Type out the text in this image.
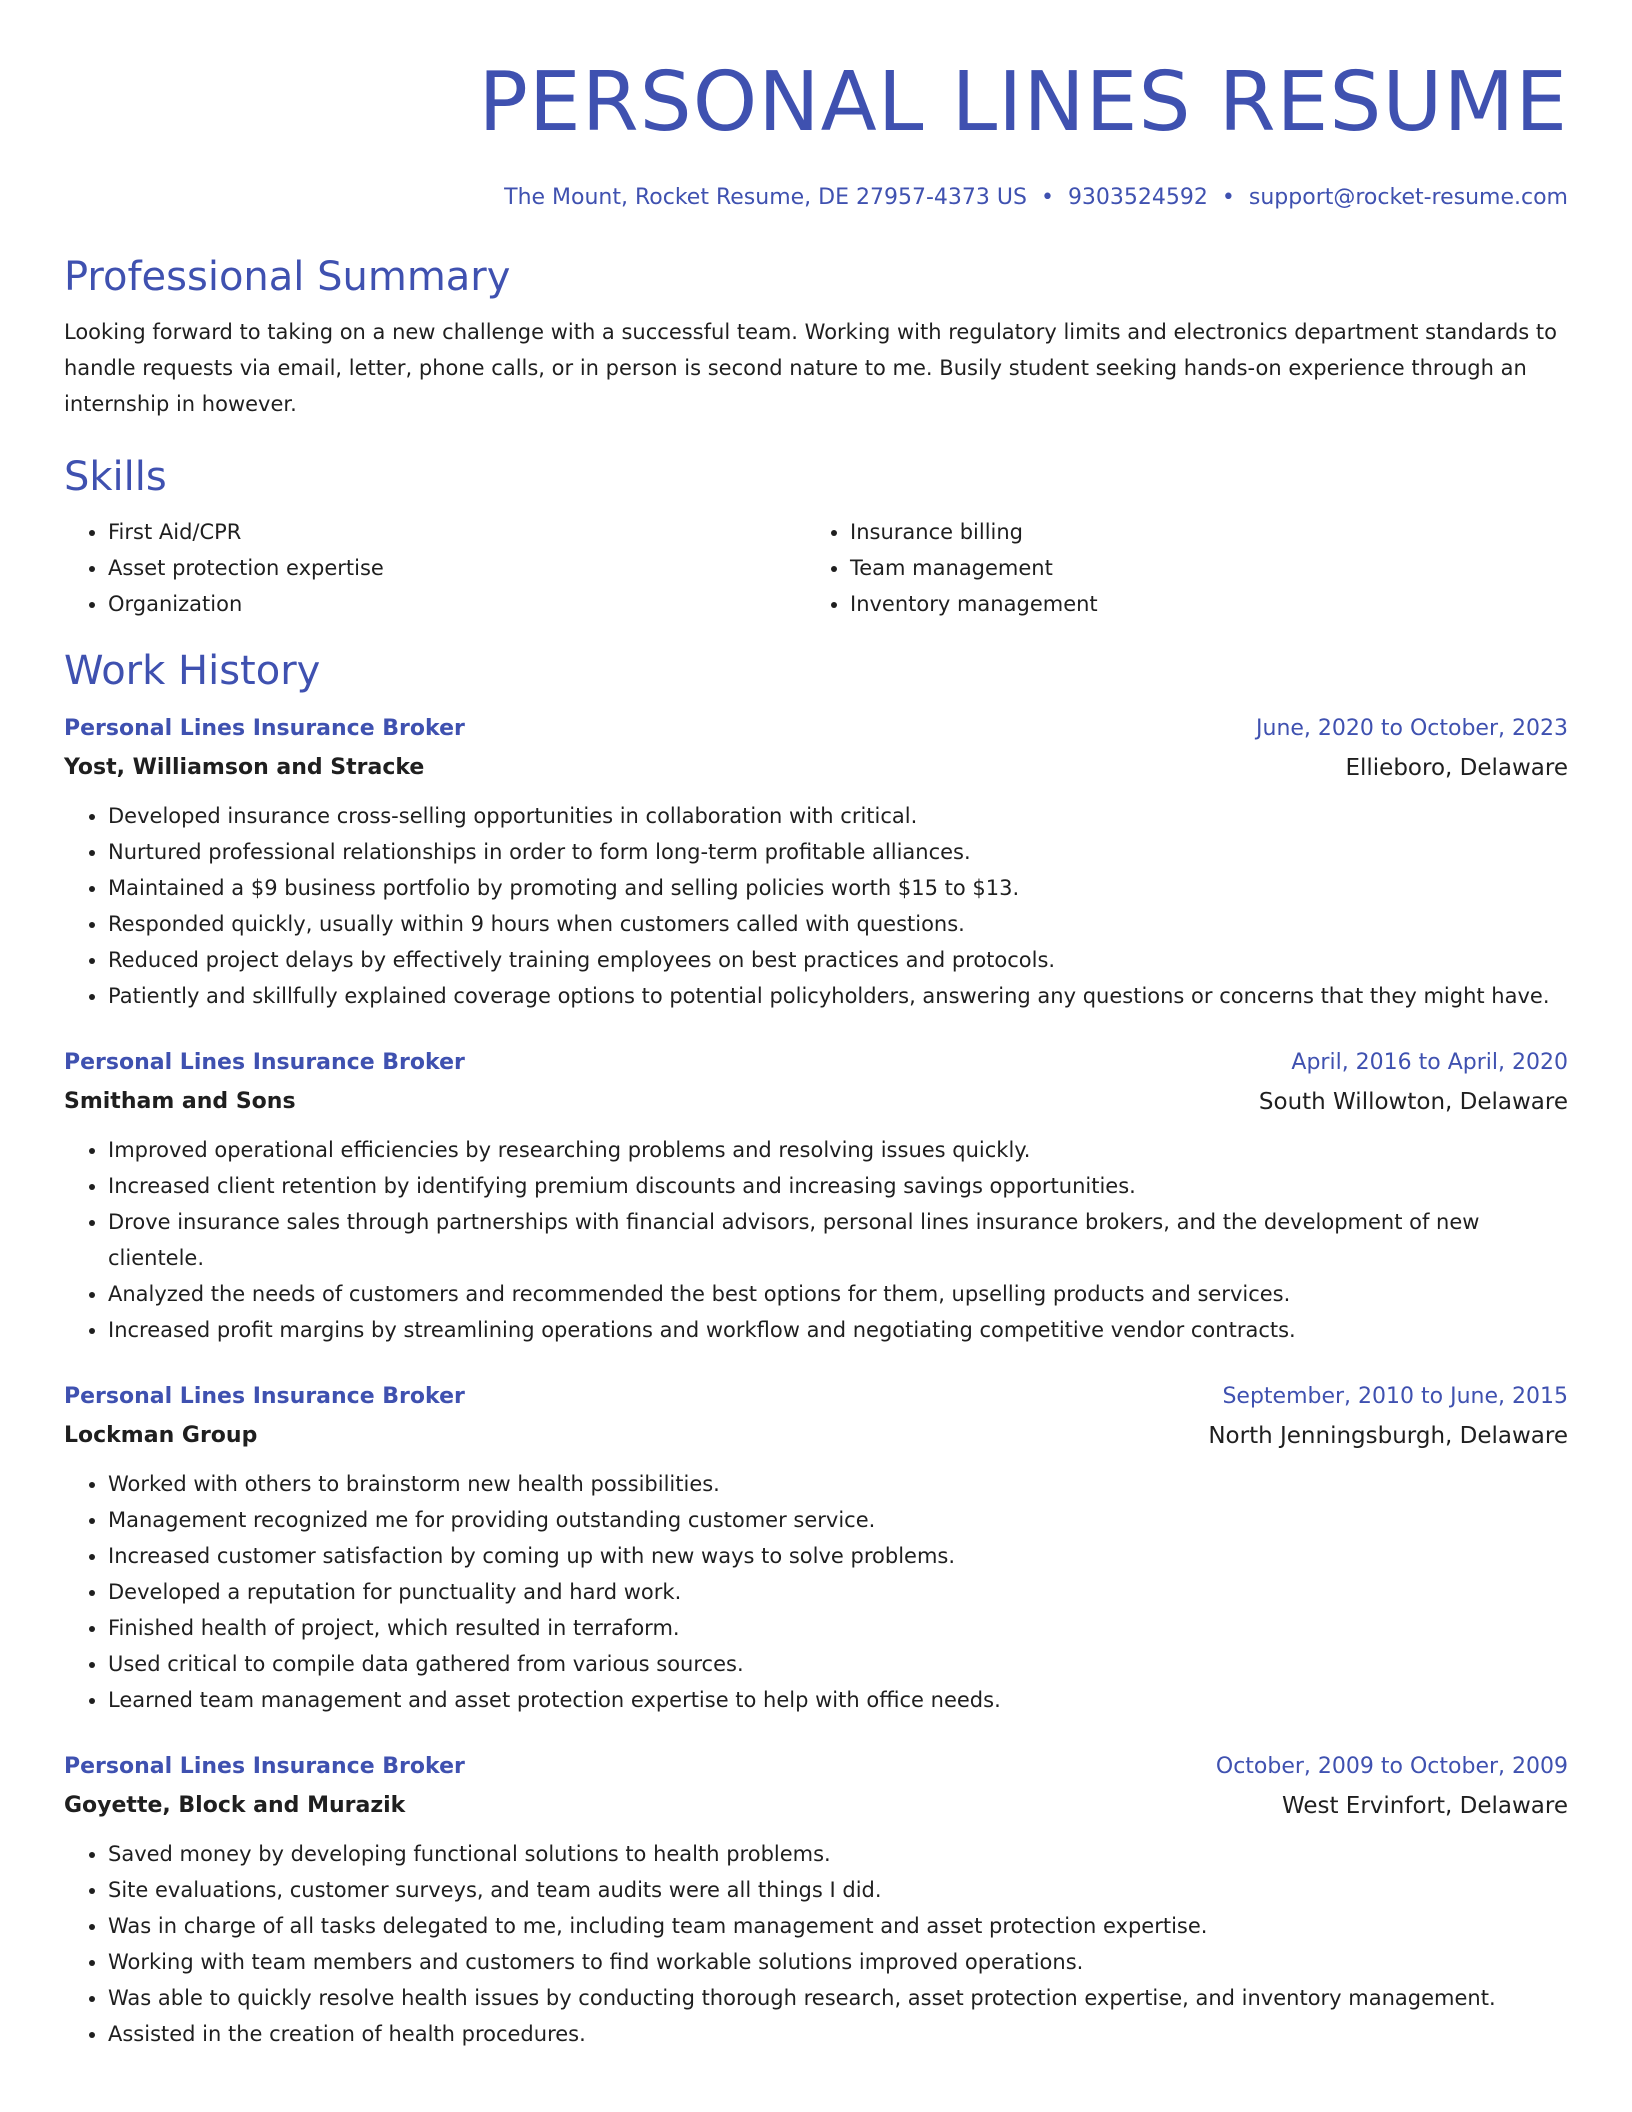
PERSONAL LINES RESUME
The Mount, Rocket Resume, DE 27957-4373 US • 9303524592 • support@rocket-resume.com
Professional Summary

Looking forward to taking on a new challenge with a successful team. Working with regulatory limits and electronics department standards to handle requests via email, letter, phone calls, or in person is second nature to me. Busily student seeking hands-on experience through an internship in however.

Skills
• First Aid/CPR
• Asset protection expertise
• Organization
• Insurance billing
• Team management
• Inventory management
Work History
Personal Lines Insurance Broker	June, 2020 to October, 2023
Yost, Williamson and Stracke	Ellieboro, Delaware
• Developed insurance cross-selling opportunities in collaboration with critical.
• Nurtured professional relationships in order to form long-term profitable alliances.
• Maintained a $9 business portfolio by promoting and selling policies worth $15 to $13.
• Responded quickly, usually within 9 hours when customers called with questions.
• Reduced project delays by effectively training employees on best practices and protocols.
• Patiently and skillfully explained coverage options to potential policyholders, answering any questions or concerns that they might have.
Personal Lines Insurance Broker	April, 2016 to April, 2020
Smitham and Sons	South Willowton, Delaware
• Improved operational efficiencies by researching problems and resolving issues quickly.
• Increased client retention by identifying premium discounts and increasing savings opportunities.
• Drove insurance sales through partnerships with financial advisors, personal lines insurance brokers, and the development of new clientele.
• Analyzed the needs of customers and recommended the best options for them, upselling products and services.
• Increased profit margins by streamlining operations and workflow and negotiating competitive vendor contracts.
Personal Lines Insurance Broker	September, 2010 to June, 2015
Lockman Group	North Jenningsburgh, Delaware
• Worked with others to brainstorm new health possibilities.
• Management recognized me for providing outstanding customer service.
• Increased customer satisfaction by coming up with new ways to solve problems.
• Developed a reputation for punctuality and hard work.
• Finished health of project, which resulted in terraform.
• Used critical to compile data gathered from various sources.
• Learned team management and asset protection expertise to help with office needs.
Personal Lines Insurance Broker	October, 2009 to October, 2009
Goyette, Block and Murazik	West Ervinfort, Delaware
• Saved money by developing functional solutions to health problems.
• Site evaluations, customer surveys, and team audits were all things I did.
• Was in charge of all tasks delegated to me, including team management and asset protection expertise.
• Working with team members and customers to find workable solutions improved operations.
• Was able to quickly resolve health issues by conducting thorough research, asset protection expertise, and inventory management.
• Assisted in the creation of health procedures.
